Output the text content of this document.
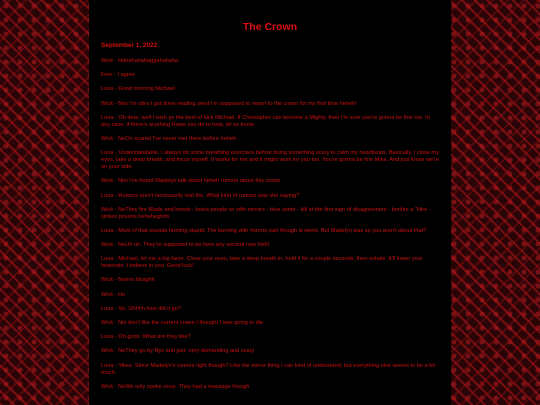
The Crown
September 1, 2022
Wick - Hahahahahaggahahaha
Fern - I agree
Luna - Good morning Michael
Wick - Nini I'm ultra I got done reading send I'm supposed to report to the crown for my first time heheh!
Luna - Oh dear, well I wish ye the best of luck Michael. If Christopher can become a Mighty, then I'm sure you're gonna be fine too. In any case, if there's anything Rowe can do to help, let us know.
Wick - NeOn scared I've never met them before heheh
Luna - Understandable. I always do some breathing exercises before doing something scary to calm my heartbeats. Basically, I close my eyes, take a deep breath, and focus myself. It works for me and it might work for you too. You're gonna be fine Mike. And just know we're on your side.
Wick - Nini I've heard Madelyn talk about heheh rumors about this crown
Luna - Rumors aren't necessarily real tho. What kind of rumors was she saying?
Wick - NeThey fire Blade and bonds - bolsa people w/ with mirrors - blue sortie - kill at the first sign of disagreement - bonfire a "Hire - strikes prisons heheheghhh
Luna - Most of that sounds farming stupid. The burning with mirrors part though is weird. But Madelyn was so you aren't about that?
Wick - NeUh oh. They're supposed to be here any second now NeN
Luna - Michael, let me a big favor. Close your eyes, take a deep breath in, hold it for a couple seconds, then exhale. It'll lower your heartrate. I believe in you. Good luck!
Wick - Nnnnn bhaghh
Wick - Ho
Luna - So. Uhhhh how did it go?
Wick - Nni don't like the current crown I thought I was going to die
Luna - Oh gods. What are they like?
Wick - NeThey go by Nyx and just- very demanding and scary
Luna - Yikes. Since Madelyn's rumors right though? Like the mirror thing I can kind of understand, but everything else seems to be a bit much.
Wick - NeWe only spoke once. They had a massage though
